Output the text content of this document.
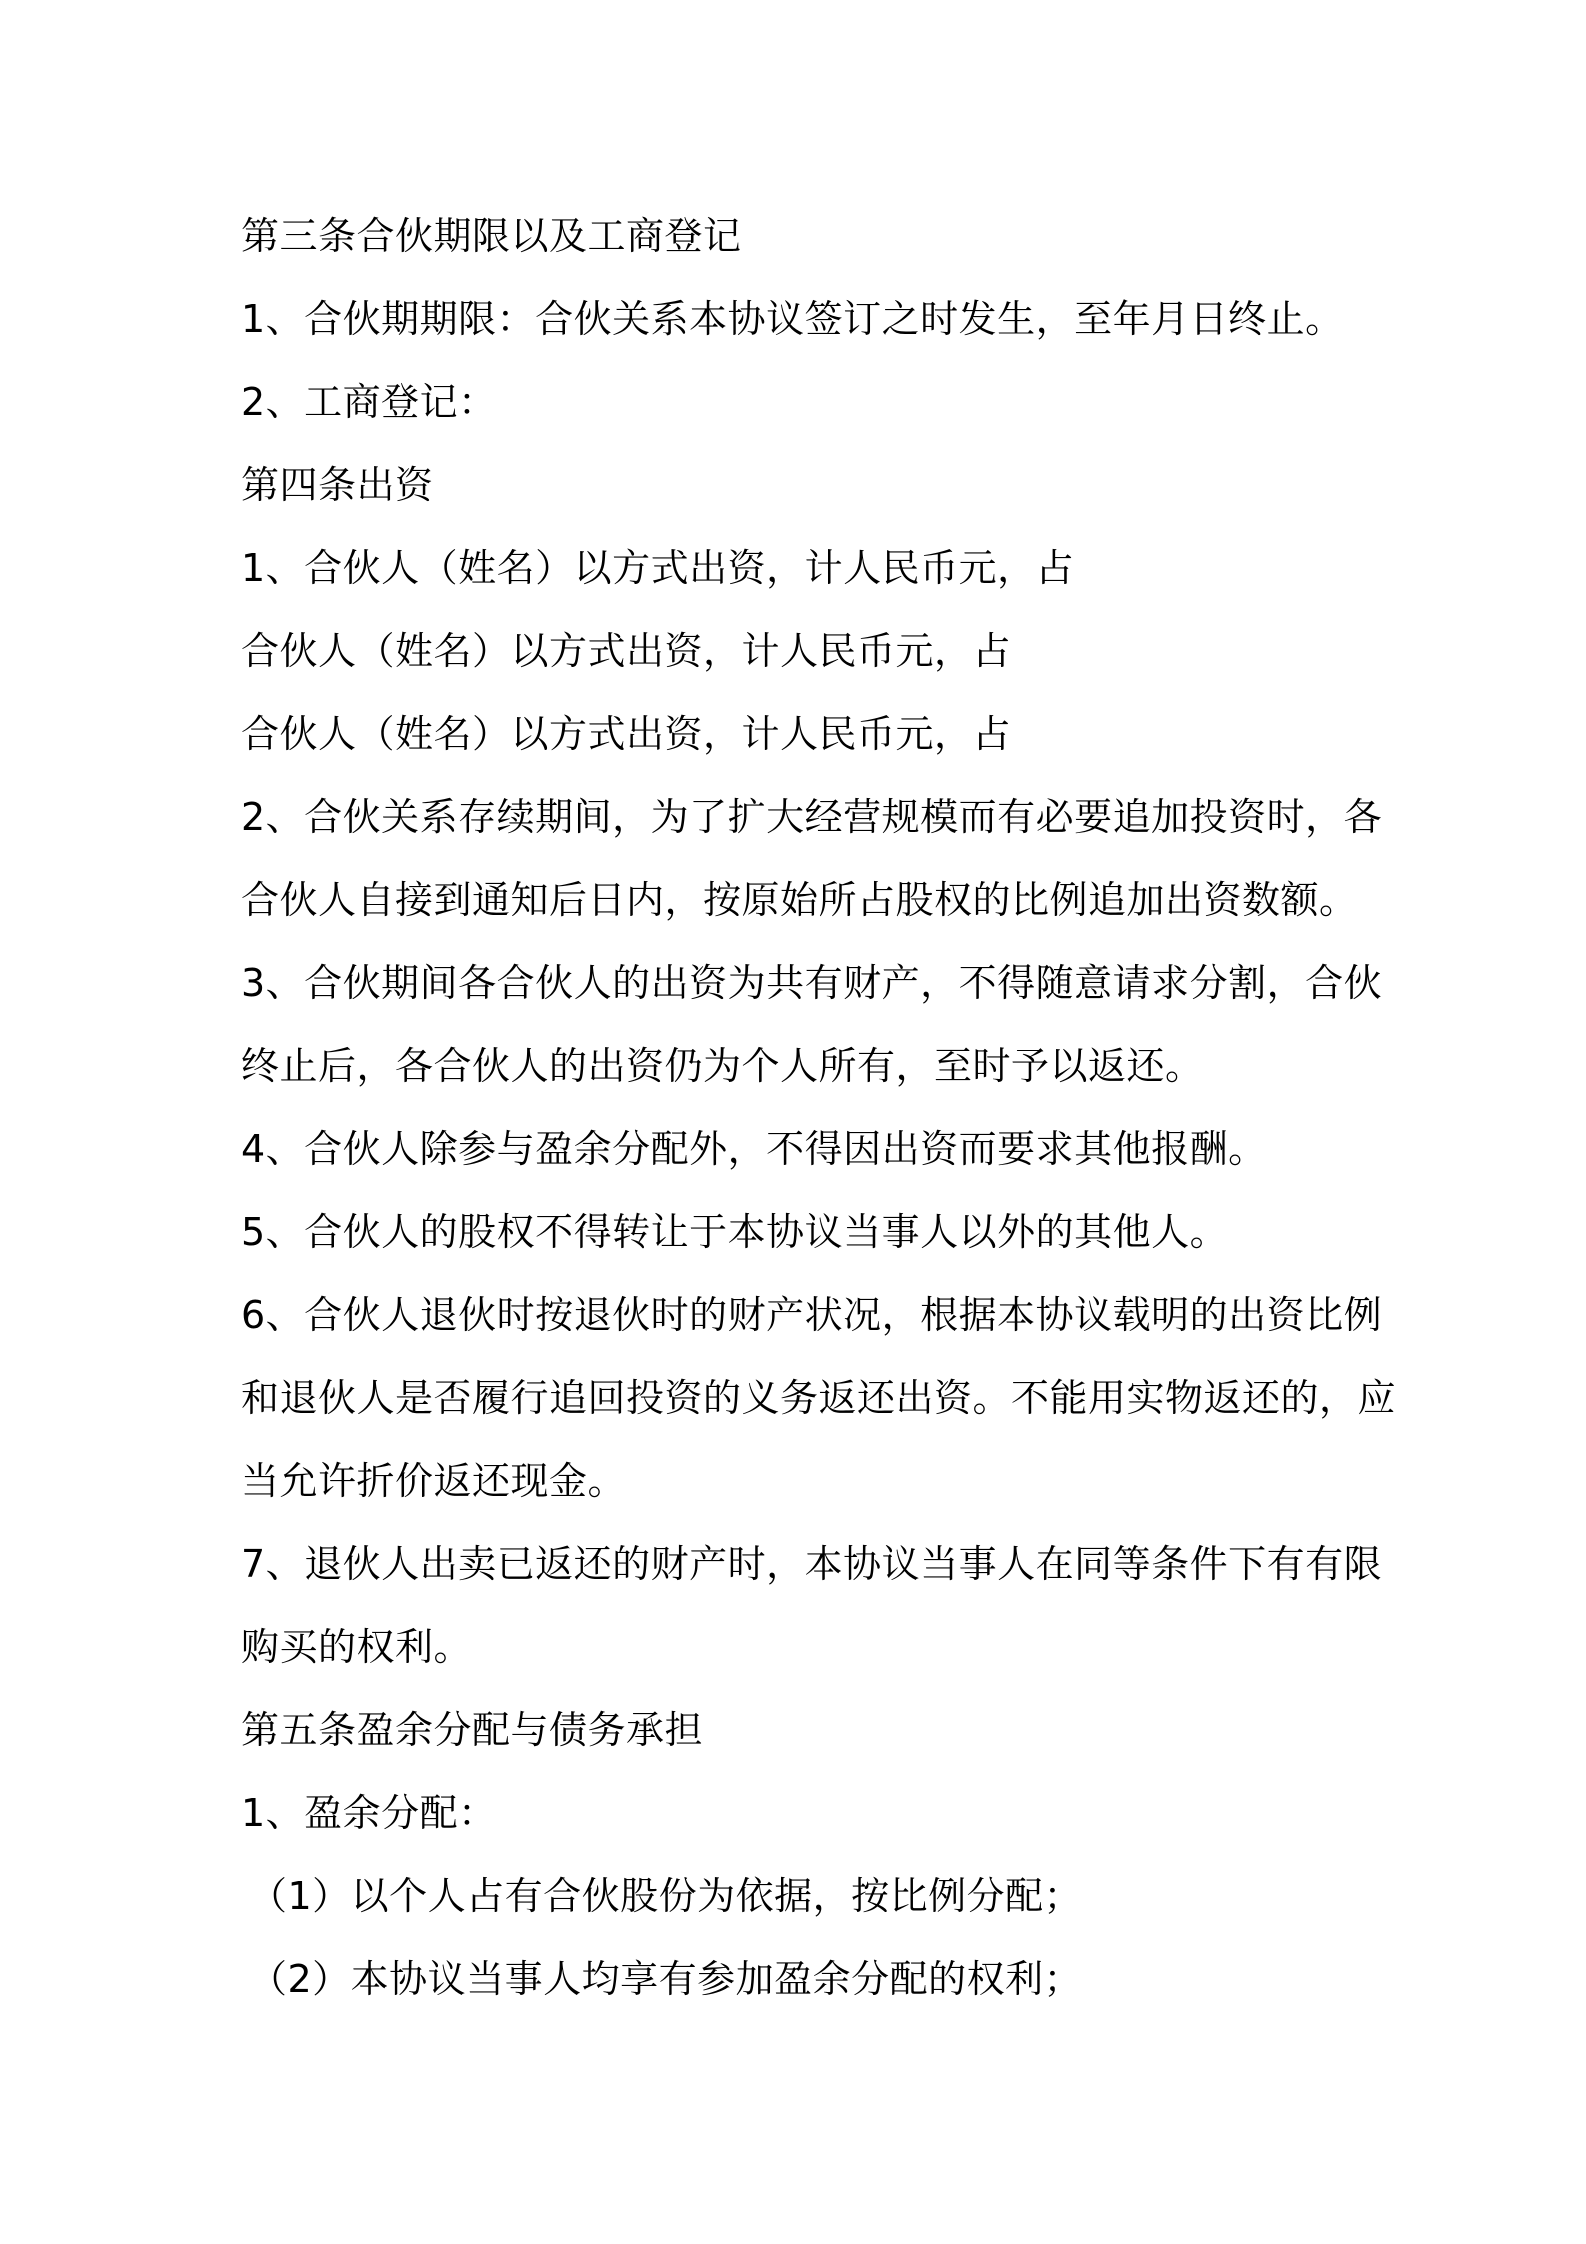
第三条合伙期限以及工商登记
1、合伙期期限：合伙关系本协议签订之时发生，至年月日终止。
2、工商登记：
第四条出资
1、合伙人（姓名）以方式出资，计人民币元，占
合伙人（姓名）以方式出资，计人民币元，占
合伙人（姓名）以方式出资，计人民币元，占
2、合伙关系存续期间，为了扩大经营规模而有必要追加投资时，各
合伙人自接到通知后日内，按原始所占股权的比例追加出资数额。
3、合伙期间各合伙人的出资为共有财产，不得随意请求分割，合伙
终止后，各合伙人的出资仍为个人所有，至时予以返还。
4、合伙人除参与盈余分配外，不得因出资而要求其他报酬。
5、合伙人的股权不得转让于本协议当事人以外的其他人。
6、合伙人退伙时按退伙时的财产状况，根据本协议载明的出资比例
和退伙人是否履行追回投资的义务返还出资。不能用实物返还的，应
当允许折价返还现金。
7、退伙人出卖已返还的财产时，本协议当事人在同等条件下有有限
购买的权利。
第五条盈余分配与债务承担
1、盈余分配：
（1）以个人占有合伙股份为依据，按比例分配；
（2）本协议当事人均享有参加盈余分配的权利；
